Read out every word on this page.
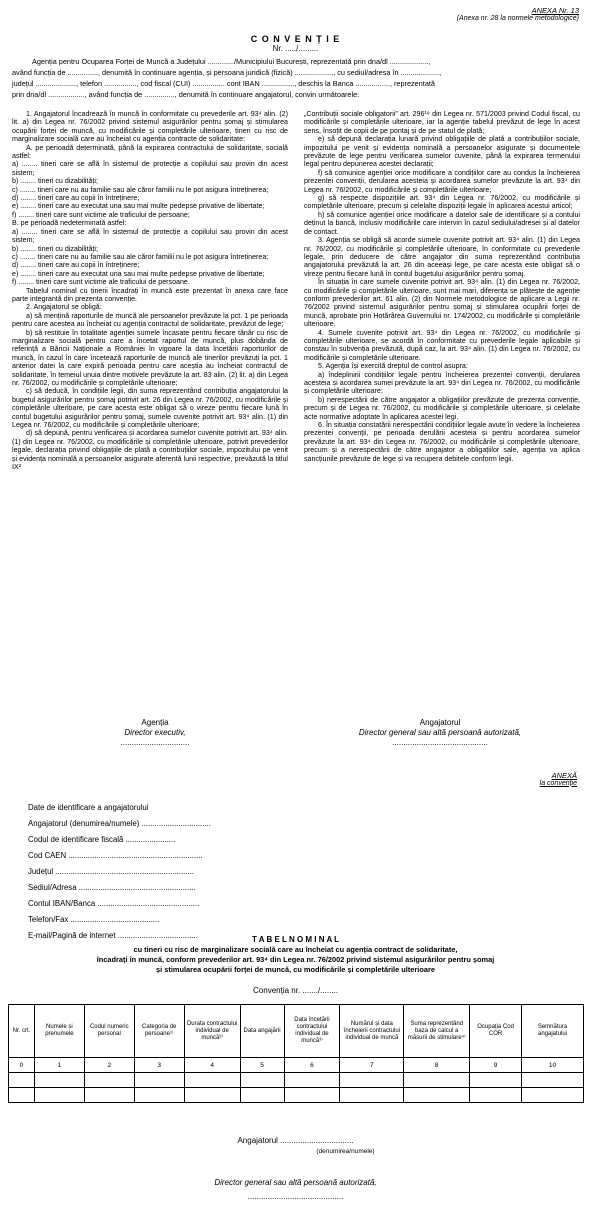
ANEXA Nr. 13
(Anexa nr. 28 la normele metodologice)
C O N V E N Ț I E
Nr. ...../.........

Agenția pentru Ocuparea Forței de Muncă a Județului ............./Municipiului București, reprezentată prin dna/dl ...................,

având funcția de ..............., denumită în continuare agenția, și persoana juridică (fizică) ..................., cu sediul/adresa în ...................,

județul ...................., telefon ................, cod fiscal (CUI) ................ cont IBAN ................, deschis la Banca ................., reprezentată

prin dna/dl .................., având funcția de ..............., denumită în continuare angajatorul, convin următoarele:

1. Angajatorul încadrează în muncă în conformitate cu prevederile art. 93⁴ alin. (2) lit. a) din Legea nr. 76/2002 privind sistemul asigurărilor pentru șomaj și stimularea ocupării forței de muncă, cu modificările și completările ulterioare, tineri cu risc de marginalizare socială care au încheiat cu agenția contracte de solidaritate:

A. pe perioadă determinată, până la expirarea contractului de solidaritate, socială astfel:

a) ........ tineri care se află în sistemul de protecție a copilului sau provin din acest sistem;

b) ........ tineri cu dizabilități;

c) ........ tineri care nu au familie sau ale căror familii nu le pot asigura întreținerea;

d) ........ tineri care au copii în întreținere;

e) ........ tineri care au executat una sau mai multe pedepse privative de libertate;

f) ........ tineri care sunt victime ale traficului de persoane;

B. pe perioadă nedeterminată astfel:

a) ........ tineri care se află în sistemul de protecție a copilului sau provin din acest sistem;

b) ........ tineri cu dizabilități;

c) ........ tineri care nu au familie sau ale căror familii nu le pot asigura întreținerea;

d) ........ tineri care au copii în întreținere;

e) ........ tineri care au executat una sau mai multe pedepse privative de libertate;

f) ........ tineri care sunt victime ale traficului de persoane.

Tabelul nominal cu tinerii încadrați în muncă este prezentat în anexa care face parte integrantă din prezenta convenție.

2. Angajatorul se obligă:

a) să mențină raporturile de muncă ale persoanelor prevăzute la pct. 1 pe perioada pentru care acestea au încheiat cu agenția contractul de solidaritate, prevăzut de lege;

b) să restituie în totalitate agenției sumele încasate pentru fiecare tânăr cu risc de marginalizare socială pentru care a încetat raportul de muncă, plus dobânda de referință a Băncii Naționale a României în vigoare la data încetării raporturilor de muncă, în cazul în care încetează raporturile de muncă ale tinerilor prevăzuți la pct. 1 anterior datei la care expiră perioada pentru care aceștia au încheiat contractul de solidaritate, în temeiul unuia dintre motivele prevăzute la art. 83 alin. (2) lit. a) din Legea nr. 76/2002, cu modificările și completările ulterioare;

c) să deducă, în condițiile legii, din suma reprezentând contribuția angajatorului la bugetul asigurărilor pentru șomaj potrivit art. 26 din Legea nr. 76/2002, cu modificările și completările ulterioare, pe care acesta este obligat să o vireze pentru fiecare lună în contul bugetului asigurărilor pentru șomaj, sumele cuvenite potrivit art. 93⁴ alin. (1) din Legea nr. 76/2002, cu modificările și completările ulterioare;

d) să depună, pentru verificarea și acordarea sumelor cuvenite potrivit art. 93⁴ alin. (1) din Legea nr. 76/2002, cu modificările și completările ulterioare, potrivit prevederilor legale, declarația privind obligațiile de plată a contribuțiilor sociale, impozitului pe venit și evidența nominală a persoanelor asigurate aferentă lunii respective, prevăzută la titlul IX²

„Contribuții sociale obligatorii” art. 296¹⁹ din Legea nr. 571/2003 privind Codul fiscal, cu modificările și completările ulterioare, iar la agenție tabelul prevăzut de lege în acest sens, însoțit de copii de pe pontaj și de pe statul de plată;

e) să depună declarația lunară privind obligațiile de plată a contribuțiilor sociale, impozitului pe venit și evidența nominală a persoanelor asigurate și documentele prevăzute de lege pentru verificarea sumelor cuvenite, până la expirarea termenului legal pentru depunerea acestei declarații;

f) să comunice agenției orice modificare a condițiilor care au condus la încheierea prezentei convenții, derularea acesteia și acordarea sumelor prevăzute la art. 93⁴ din Legea nr. 76/2002, cu modificările și completările ulterioare;

g) să respecte dispozițiile art. 93⁴ din Legea nr. 76/2002, cu modificările și completările ulterioare, precum și celelalte dispoziții legale în aplicarea acestui articol;

h) să comunice agenției orice modificare a datelor sale de identificare și a contului deținut la bancă, inclusiv modificările care intervin în cazul sediului/adresei și al datelor de contact.

3. Agenția se obligă să acorde sumele cuvenite potrivit art. 93⁴ alin. (1) din Legea nr. 76/2002, cu modificările și completările ulterioare, în conformitate cu prevederile legale, prin deducere de către angajator din suma reprezentând contribuția angajatorului prevăzută la art. 26 din aceeași lege, pe care acesta este obligat să o vireze pentru fiecare lună în contul bugetului asigurărilor pentru șomaj.

În situația în care sumele cuvenite potrivit art. 93⁴ alin. (1) din Legea nr. 76/2002, cu modificările și completările ulterioare, sunt mai mari, diferența se plătește de agenție conform prevederilor art. 61 alin. (2) din Normele metodologice de aplicare a Legii nr. 76/2002 privind sistemul asigurărilor pentru șomaj și stimularea ocupării forței de muncă, aprobate prin Hotărârea Guvernului nr. 174/2002, cu modificările și completările ulterioare.

4. Sumele cuvenite potrivit art. 93⁴ din Legea nr. 76/2002, cu modificările și completările ulterioare, se acordă în conformitate cu prevederile legale aplicabile și constau în subvenția prevăzută, după caz, la art. 93⁴ alin. (1) din Legea nr. 76/2002, cu modificările și completările ulterioare.

5. Agenția își exercită dreptul de control asupra:

a) îndeplinirii condițiilor legale pentru încheierea prezentei convenții, derularea acesteia și acordarea sumei prevăzute la art. 93⁴ din Legea nr. 76/2002, cu modificările și completările ulterioare;

b) nerespectării de către angajator a obligațiilor prevăzute de prezenta convenție, precum și de Legea nr. 76/2002, cu modificările și completările ulterioare, și celelalte acte normative adoptate în aplicarea acestei legi.

6. În situația constatării nerespectării condițiilor legale avute în vedere la încheierea prezentei convenții, pe perioada derulării acesteia și pentru acordarea sumelor prevăzute la art. 93⁴ din Legea nr. 76/2002, cu modificările și completările ulterioare, precum și a nerespectării de către angajator a obligațiilor sale, agenția va aplica sancțiunile prevăzute de lege și va recupera debitele conform legii.

Agenția
Director executiv,
...............................
Angajatorul
Director general sau altă persoană autorizată,
...........................................
ANEXĂ
la convenție
Date de identificare a angajatorului
Angajatorul (denumirea/numele) ................................
Codul de identificare fiscală .......................
Cod CAEN ..............................................................
Județul ................................................................
Sediul/Adresa ......................................................
Contul IBAN/Banca ...............................................
Telefon/Fax .........................................
E-mail/Pagină de internet .....................................	T A B E L N O M I N A L
cu tineri cu risc de marginalizare socială care au încheiat cu agenția contract de solidaritate,
încadrați în muncă, conform prevederilor art. 93⁴ din Legea nr. 76/2002 privind sistemul asigurărilor pentru șomaj
și stimularea ocupării forței de muncă, cu modificările și completările ulterioare
Convenția nr. ......./........
Nr. crt.	Numele și prenumele	Codul numeric personal	Categoria de persoane¹⁾	Durata contractului individual de muncă²⁾	Data angajării	Data încetării contractului individual de muncă³⁾	Numărul și data încheierii contractului individual de muncă	Suma reprezentând baza de calcul a măsurii de stimulare⁴⁾	Ocupația Cod COR	Semnătura angajatului
0	1	2	3	4	5	6	7	8	9	10

Angajatorul .................................
(denumirea/numele)
Director general sau altă persoană autorizată,
...........................................
